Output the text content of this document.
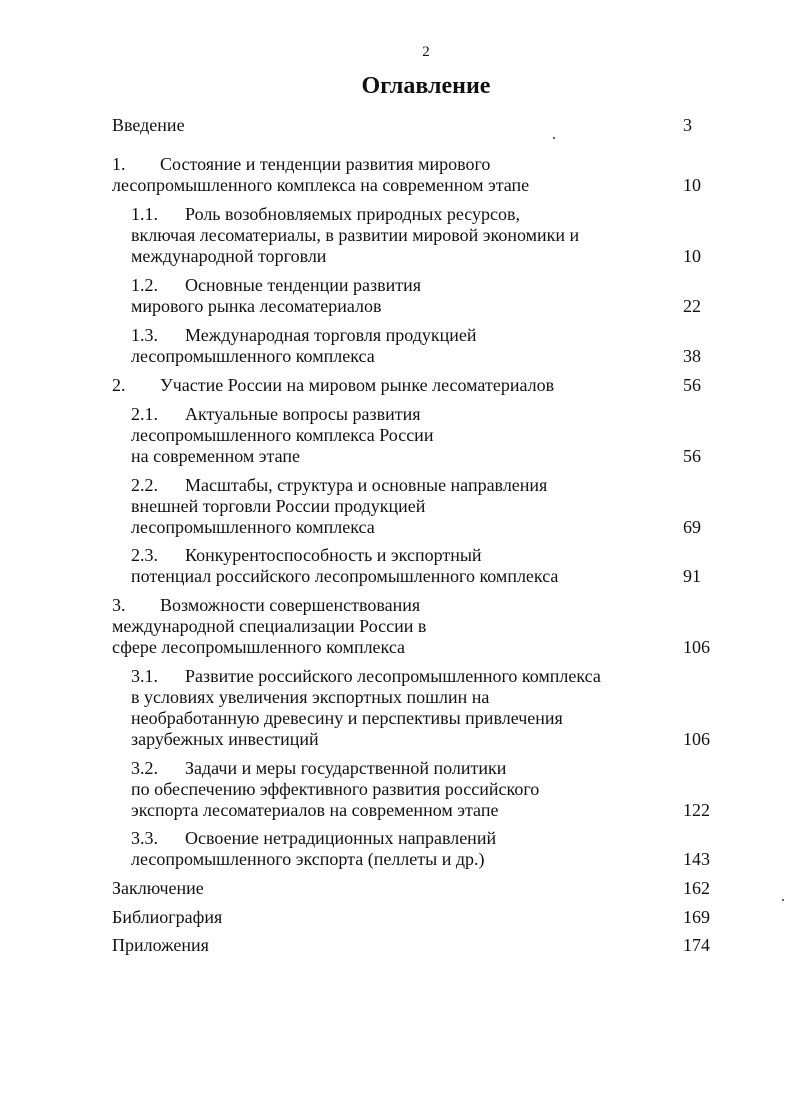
2
Оглавление
Введение	3
1. Состояние и тенденции развития мирового
лесопромышленного комплекса на современном этапе	10
1.1. Роль возобновляемых природных ресурсов,
включая лесоматериалы, в развитии мировой экономики и
международной торговли	10
1.2. Основные тенденции развития
мирового рынка лесоматериалов	22
1.3. Международная торговля продукцией
лесопромышленного комплекса	38
2. Участие России на мировом рынке лесоматериалов	56
2.1. Актуальные вопросы развития
лесопромышленного комплекса России
на современном этапе	56
2.2. Масштабы, структура и основные направления
внешней торговли России продукцией
лесопромышленного комплекса	69
2.3. Конкурентоспособность и экспортный
потенциал российского лесопромышленного комплекса	91
3. Возможности совершенствования
международной специализации России в
сфере лесопромышленного комплекса	106
3.1. Развитие российского лесопромышленного комплекса
в условиях увеличения экспортных пошлин на
необработанную древесину и перспективы привлечения
зарубежных инвестиций	106
3.2. Задачи и меры государственной политики
по обеспечению эффективного развития российского
экспорта лесоматериалов на современном этапе	122
3.3. Освоение нетрадиционных направлений
лесопромышленного экспорта (пеллеты и др.)	143
Заключение	162
Библиография	169
Приложения	174
